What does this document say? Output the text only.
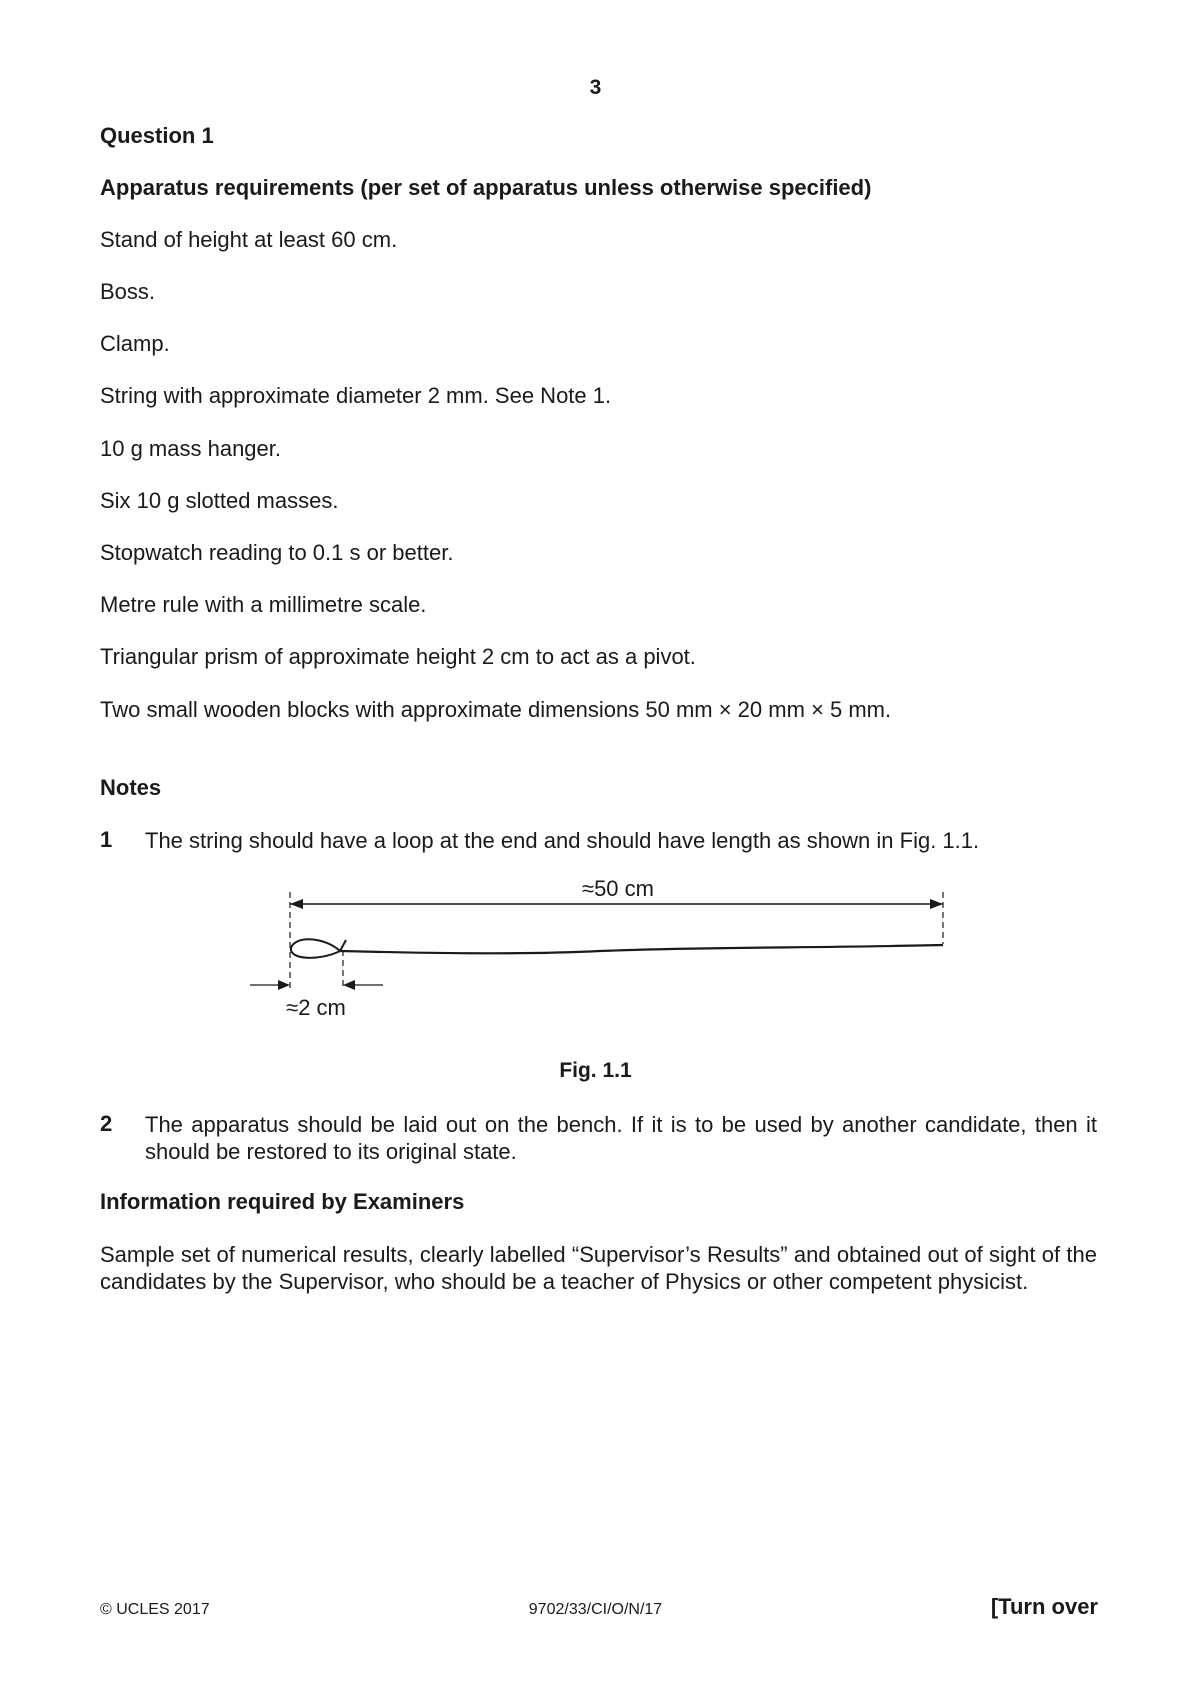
3
Question 1
Apparatus requirements (per set of apparatus unless otherwise specified)
Stand of height at least 60 cm.
Boss.
Clamp.
String with approximate diameter 2 mm. See Note 1.
10 g mass hanger.
Six 10 g slotted masses.
Stopwatch reading to 0.1 s or better.
Metre rule with a millimetre scale.
Triangular prism of approximate height 2 cm to act as a pivot.
Two small wooden blocks with approximate dimensions 50 mm × 20 mm × 5 mm.
Notes
1 The string should have a loop at the end and should have length as shown in Fig. 1.1.
≈50 cm
≈2 cm
Fig. 1.1
2 The apparatus should be laid out on the bench. If it is to be used by another candidate, then it should be restored to its original state.
Information required by Examiners
Sample set of numerical results, clearly labelled “Supervisor’s Results” and obtained out of sight of the candidates by the Supervisor, who should be a teacher of Physics or other competent physicist.
© UCLES 2017	9702/33/CI/O/N/17	[Turn over
